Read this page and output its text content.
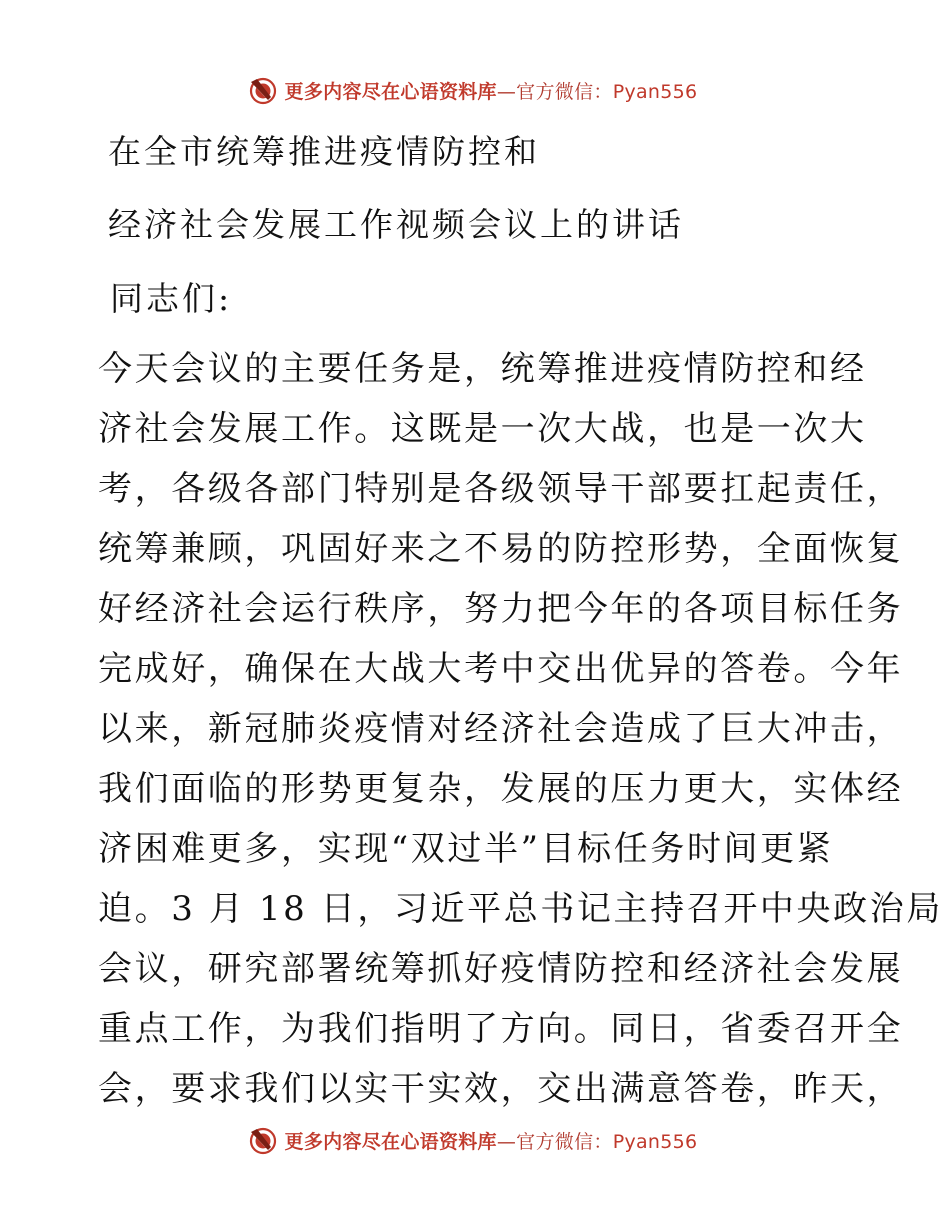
更多内容尽在心语资料库—官方微信：Pyan556
在全市统筹推进疫情防控和
经济社会发展工作视频会议上的讲话
同志们:
今天会议的主要任务是，统筹推进疫情防控和经
济社会发展工作。这既是一次大战，也是一次大
考，各级各部门特别是各级领导干部要扛起责任，
统筹兼顾，巩固好来之不易的防控形势，全面恢复
好经济社会运行秩序，努力把今年的各项目标任务
完成好，确保在大战大考中交出优异的答卷。今年
以来，新冠肺炎疫情对经济社会造成了巨大冲击，
我们面临的形势更复杂，发展的压力更大，实体经
济困难更多，实现“双过半”目标任务时间更紧
迫。3 月 18 日，习近平总书记主持召开中央政治局
会议，研究部署统筹抓好疫情防控和经济社会发展
重点工作，为我们指明了方向。同日，省委召开全
会，要求我们以实干实效，交出满意答卷，昨天，
更多内容尽在心语资料库—官方微信：Pyan556
